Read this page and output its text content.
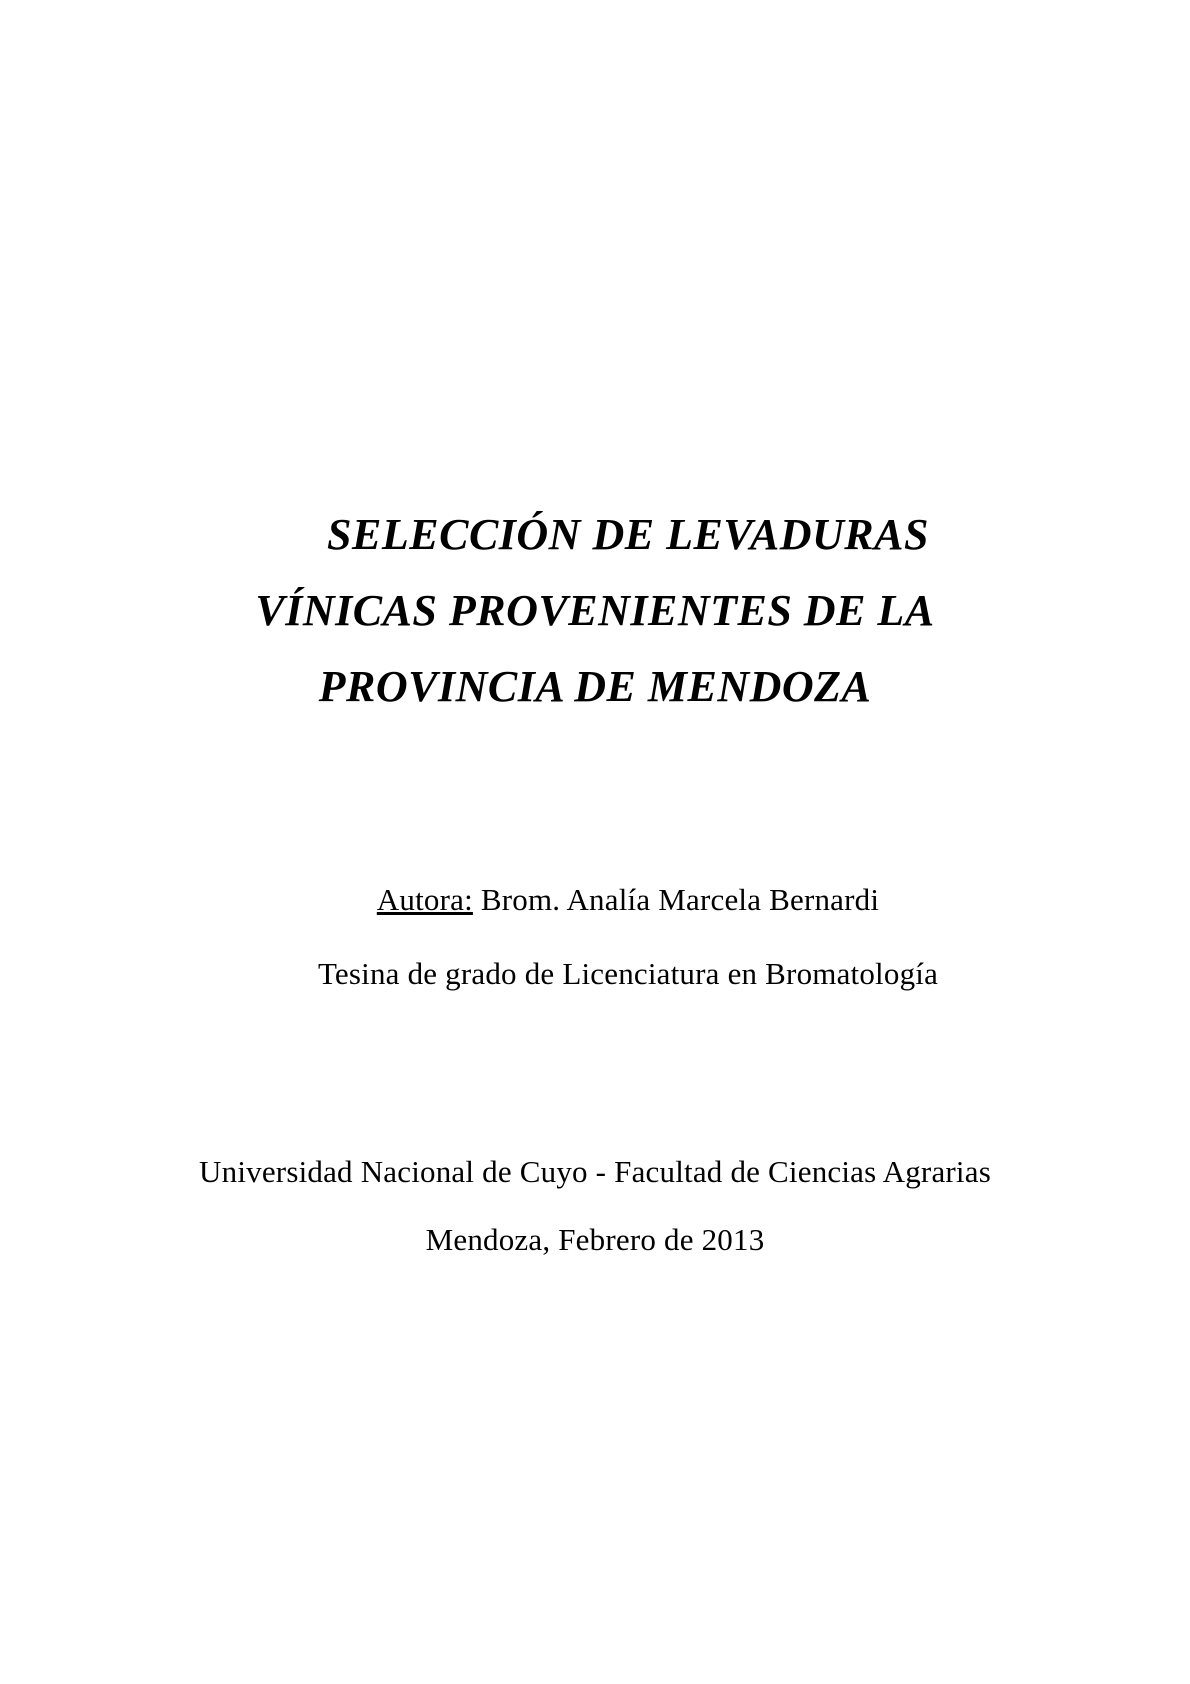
SELECCIÓN DE LEVADURAS
VÍNICAS PROVENIENTES DE LA
PROVINCIA DE MENDOZA
Autora: Brom. Analía Marcela Bernardi
Tesina de grado de Licenciatura en Bromatología
Universidad Nacional de Cuyo - Facultad de Ciencias Agrarias
Mendoza, Febrero de 2013
